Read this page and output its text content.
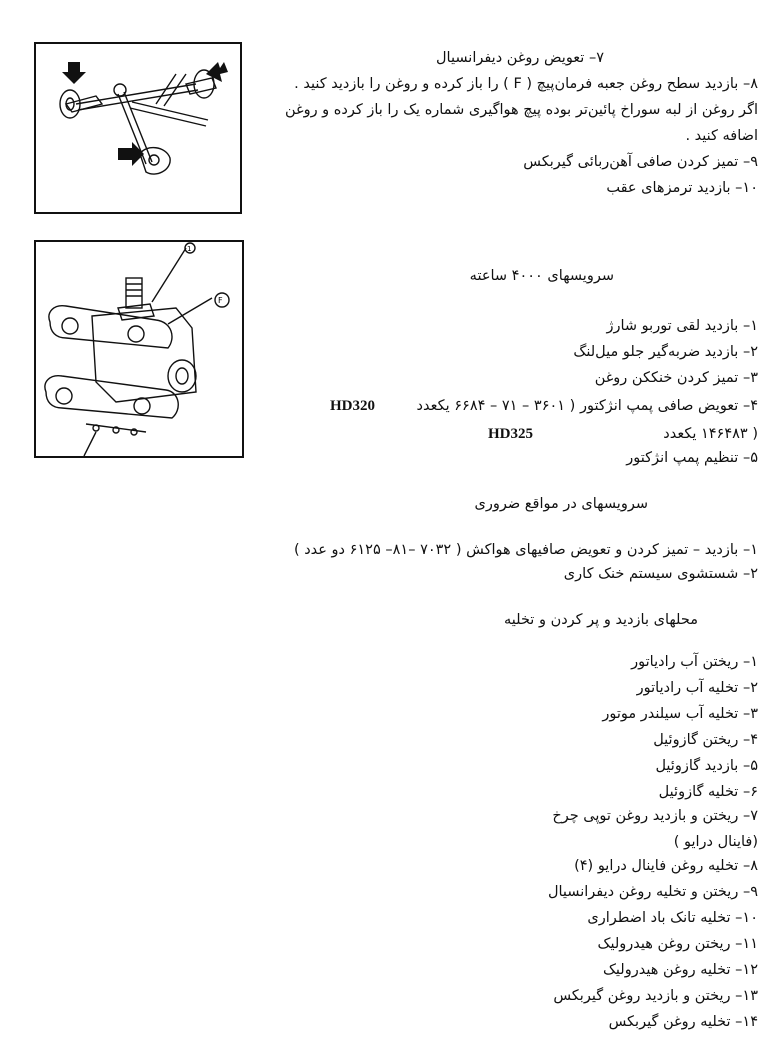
1
F
۷– تعویض روغن دیفرانسیال
۸– بازدید سطح روغن جعبه فرمان‌پیچ ( F ) را باز کرده و روغن را بازدید کنید .
اگر روغن از لبه سوراخ پائین‌تر بوده پیچ هواگیری شماره یک را باز کرده و روغن
اضافه کنید .
۹– تمیز کردن صافی آهن‌ربائی گیربکس
۱۰– بازدید ترمزهای عقب
سرویسهای ۴۰۰۰ ساعته
۱– بازدید لقی توربو شارژ
۲– بازدید ضربه‌گیر جلو میل‌لنگ
۳– تمیز کردن خنککن روغن
۴– تعویض صافی پمپ انژکتور ( ۳۶۰۱ – ۷۱ – ۶۶۸۴ یکعدد
HD320
( ۱۴۶۴۸۳ یکعدد
HD325
۵– تنظیم پمپ انژکتور
سرویسهای در مواقع ضروری
۱– بازدید – تمیز کردن و تعویض صافیهای هواکش ( ۷۰۳۲ –۸۱– ۶۱۲۵ دو عدد )
۲– شستشوی سیستم خنک کاری
محلهای بازدید و پر کردن و تخلیه
۱– ریختن آب رادیاتور
۲– تخلیه آب رادیاتور
۳– تخلیه آب سیلندر موتور
۴– ریختن گازوئیل
۵– بازدید گازوئیل
۶– تخلیه گازوئیل
۷– ریختن و بازدید روغن توپی چرخ
(فاینال درایو )
۸– تخلیه روغن فاینال درایو (۴)
۹– ریختن و تخلیه روغن دیفرانسیال
۱۰– تخلیه تانک باد اضطراری
۱۱– ریختن روغن هیدرولیک
۱۲– تخلیه روغن هیدرولیک
۱۳– ریختن و بازدید روغن گیربکس
۱۴– تخلیه روغن گیربکس
